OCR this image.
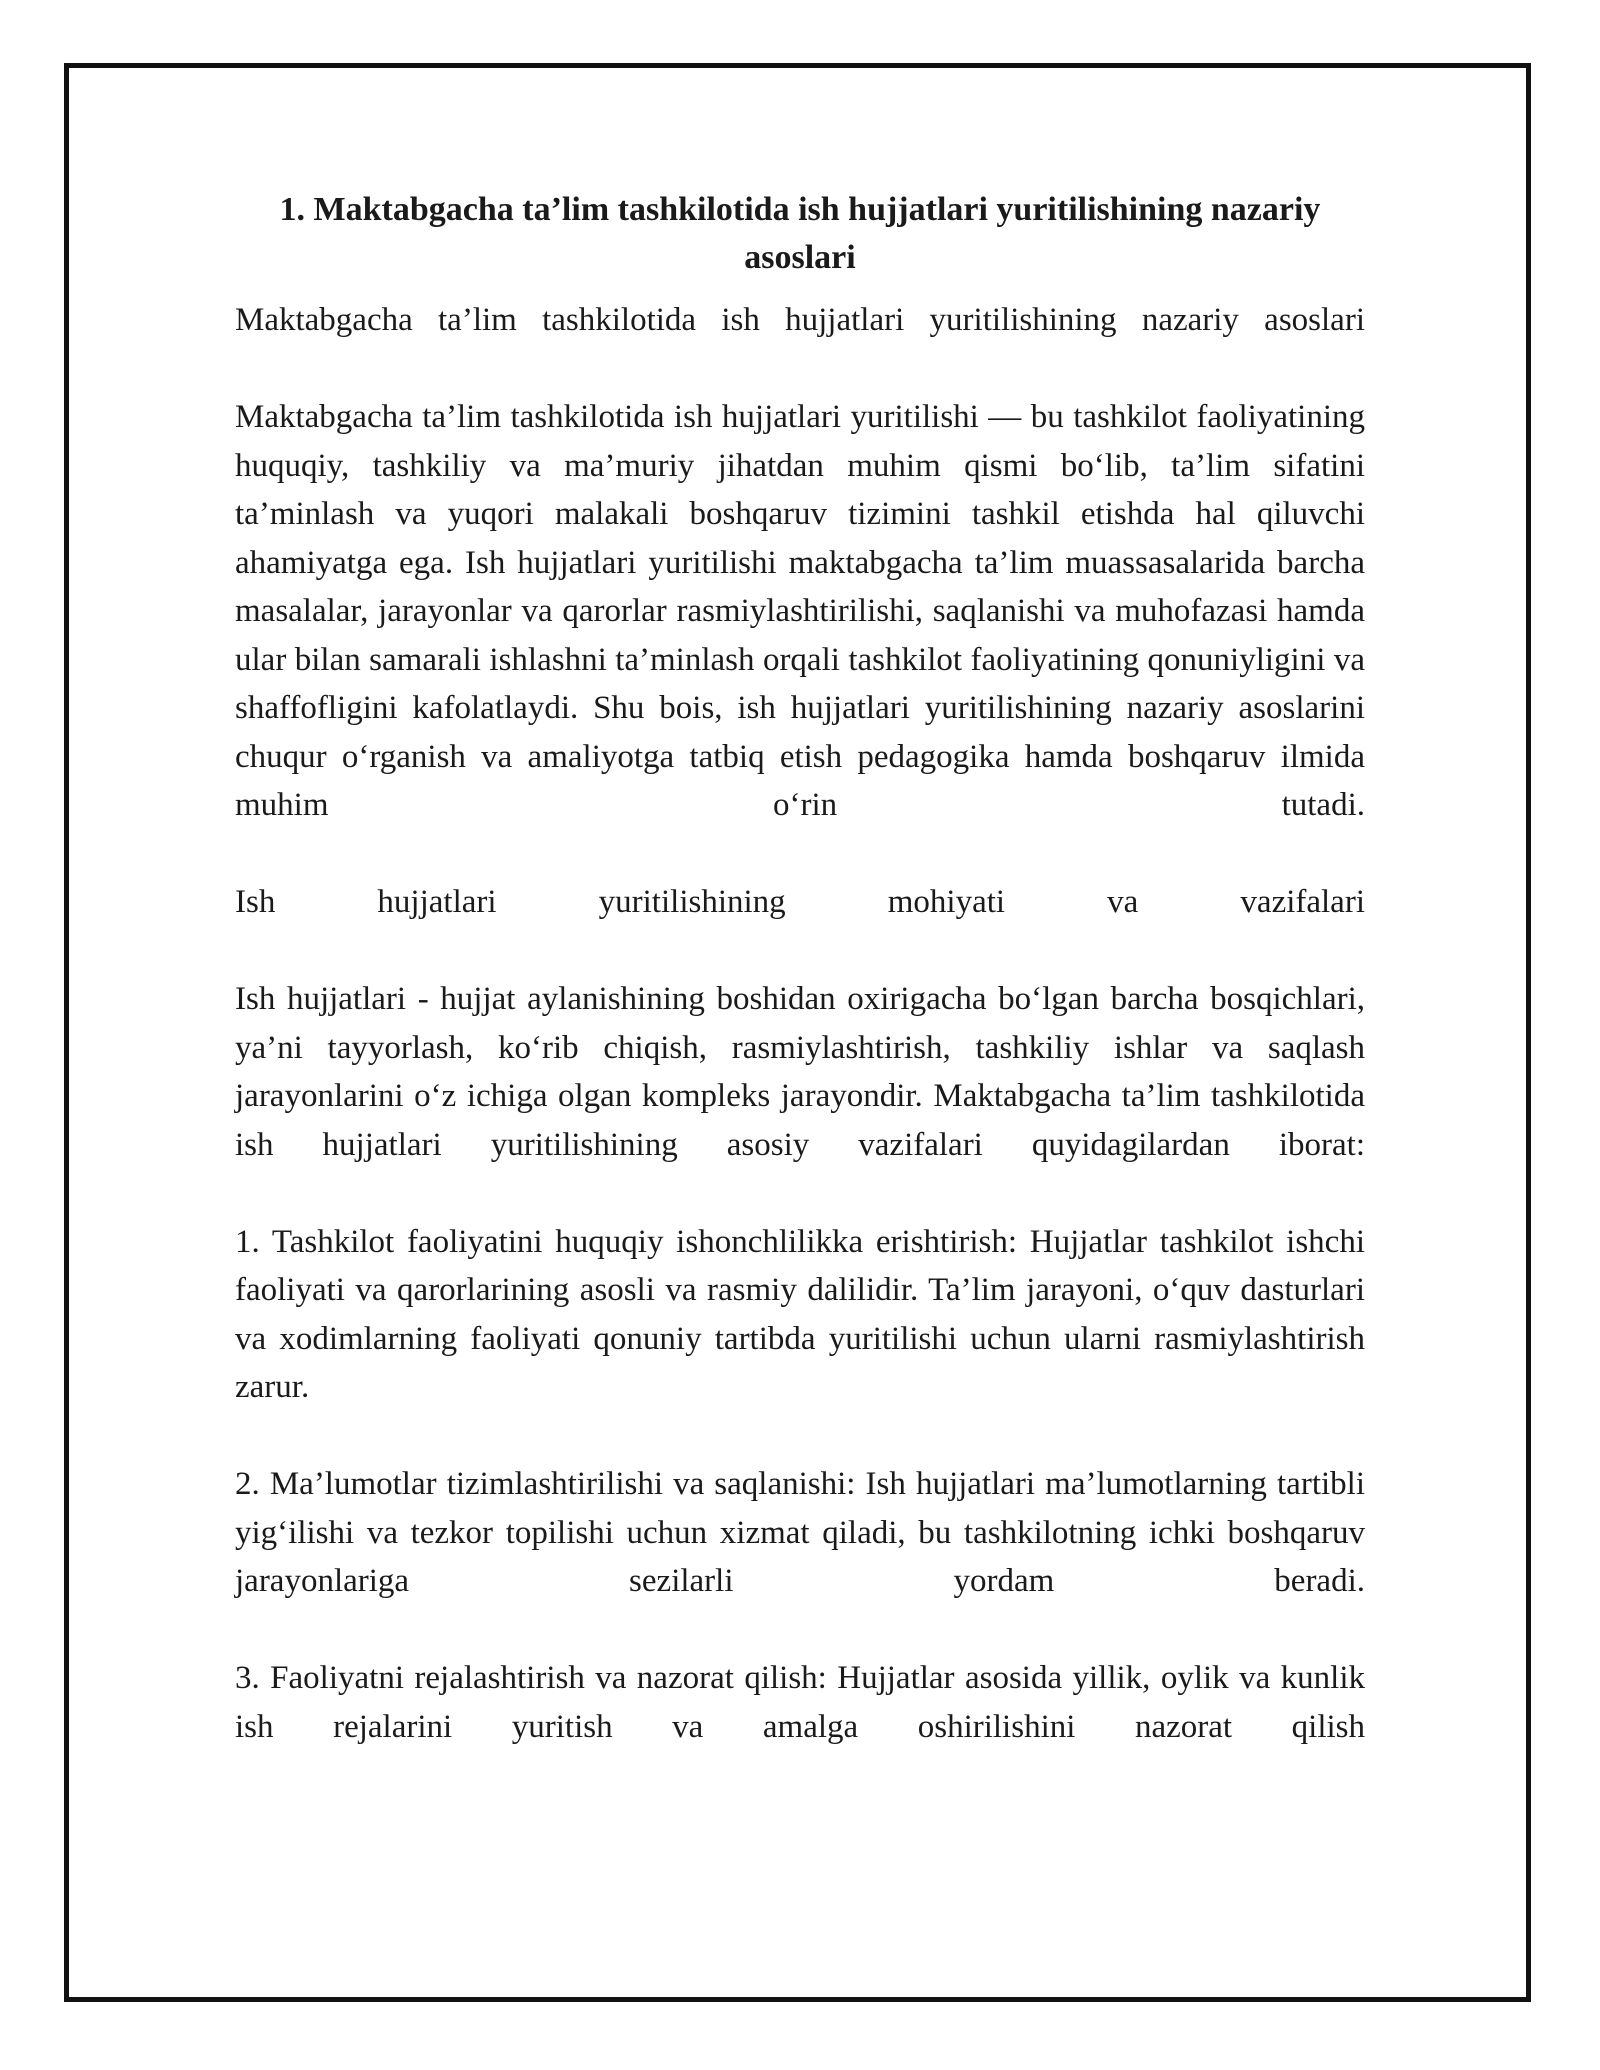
1. Maktabgacha ta’lim tashkilotida ish hujjatlari yuritilishining nazariy asoslari

Maktabgacha ta’lim tashkilotida ish hujjatlari yuritilishining nazariy asoslari

Maktabgacha ta’lim tashkilotida ish hujjatlari yuritilishi — bu tashkilot faoliyatining huquqiy, tashkiliy va ma’muriy jihatdan muhim qismi bo‘lib, ta’lim sifatini ta’minlash va yuqori malakali boshqaruv tizimini tashkil etishda hal qiluvchi ahamiyatga ega. Ish hujjatlari yuritilishi maktabgacha ta’lim muassasalarida barcha masalalar, jarayonlar va qarorlar rasmiylashtirilishi, saqlanishi va muhofazasi hamda ular bilan samarali ishlashni ta’minlash orqali tashkilot faoliyatining qonuniyligini va shaffofligini kafolatlaydi. Shu bois, ish hujjatlari yuritilishining nazariy asoslarini chuqur o‘rganish va amaliyotga tatbiq etish pedagogika hamda boshqaruv ilmida muhim o‘rin tutadi.

Ish hujjatlari yuritilishining mohiyati va vazifalari

Ish hujjatlari - hujjat aylanishining boshidan oxirigacha bo‘lgan barcha bosqichlari, ya’ni tayyorlash, ko‘rib chiqish, rasmiylashtirish, tashkiliy ishlar va saqlash jarayonlarini o‘z ichiga olgan kompleks jarayondir. Maktabgacha ta’lim tashkilotida ish hujjatlari yuritilishining asosiy vazifalari quyidagilardan iborat:

1. Tashkilot faoliyatini huquqiy ishonchlilikka erishtirish: Hujjatlar tashkilot ishchi faoliyati va qarorlarining asosli va rasmiy dalilidir. Ta’lim jarayoni, o‘quv dasturlari va xodimlarning faoliyati qonuniy tartibda yuritilishi uchun ularni rasmiylashtirish zarur.

2. Ma’lumotlar tizimlashtirilishi va saqlanishi: Ish hujjatlari ma’lumotlarning tartibli yig‘ilishi va tezkor topilishi uchun xizmat qiladi, bu tashkilotning ichki boshqaruv jarayonlariga sezilarli yordam beradi.

3. Faoliyatni rejalashtirish va nazorat qilish: Hujjatlar asosida yillik, oylik va kunlik ish rejalarini yuritish va amalga oshirilishini nazorat qilish
